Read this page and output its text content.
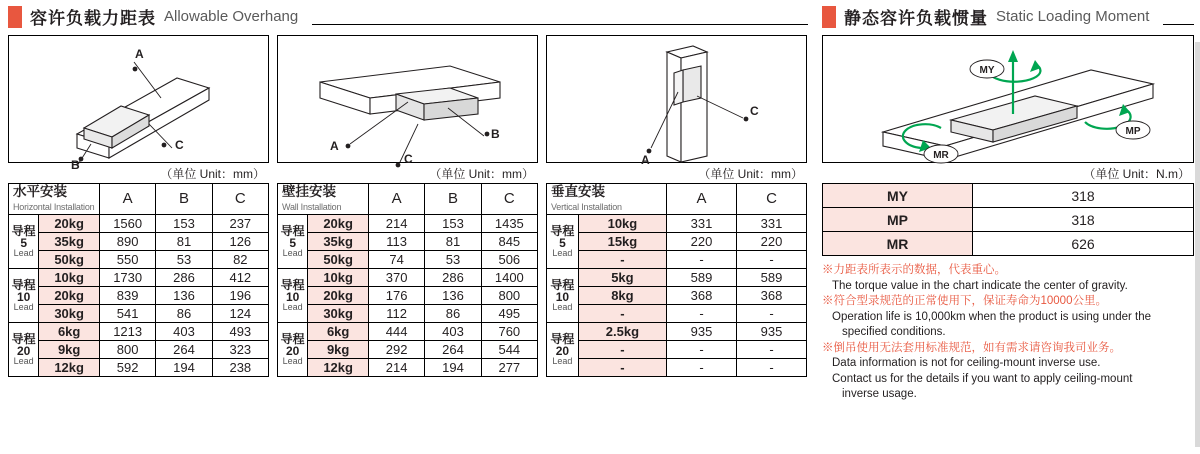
容许负载力距表 Allowable Overhang
A
C
B
（单位 Unit：mm）
水平安装
Horizontal Installation		A	B	C

导程
5
Lead	20kg	1560	153	237
	35kg	890	81	126
	50kg	550	53	82

导程
10
Lead	10kg	1730	286	412
	20kg	839	136	196
	30kg	541	86	124

导程
20
Lead	6kg	1213	403	493
	9kg	800	264	323
	12kg	592	194	238
A
B
C
（单位 Unit：mm）
壁挂安装
Wall Installation		A	B	C

导程
5
Lead	20kg	214	153	1435
	35kg	113	81	845
	50kg	74	53	506

导程
10
Lead	10kg	370	286	1400
	20kg	176	136	800
	30kg	112	86	495

导程
20
Lead	6kg	444	403	760
	9kg	292	264	544
	12kg	214	194	277
A
C
（单位 Unit：mm）
垂直安装
Vertical Installation		A	C

导程
5
Lead	10kg	331	331
	15kg	220	220
	-	-	-

导程
10
Lead	5kg	589	589
	8kg	368	368
	-	-	-

导程
20
Lead	2.5kg	935	935
	-	-	-
	-	-	-
静态容许负载惯量 Static Loading Moment
MY
MP
MR
（单位 Unit：N.m）
MY	318
MP	318
MR	626
※力距表所表示的数据，代表重心。
The torque value in the chart indicate the center of gravity.
※符合型录规范的正常使用下，保证寿命为10000公里。
Operation life is 10,000km when the product is using under the
specified conditions.
※倒吊使用无法套用标准规范，如有需求请咨询我司业务。
Data information is not for ceiling-mount inverse use.
Contact us for the details if you want to apply ceiling-mount
inverse usage.
